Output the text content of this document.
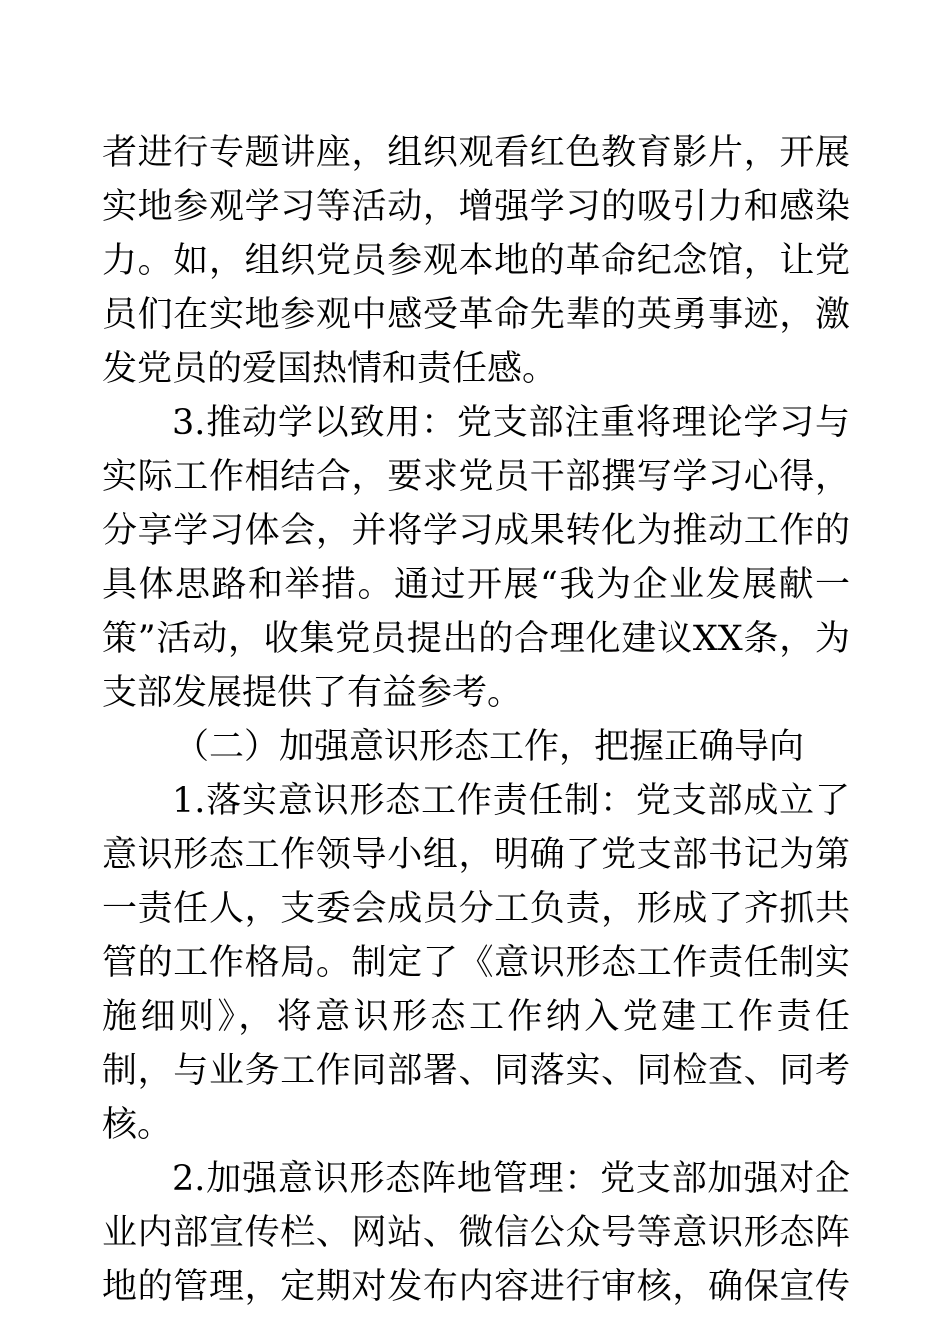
者进行专题讲座，组织观看红色教育影片，开展
实地参观学习等活动，增强学习的吸引力和感染
力。如，组织党员参观本地的革命纪念馆，让党
员们在实地参观中感受革命先辈的英勇事迹，激
发党员的爱国热情和责任感。
3.推动学以致用：党支部注重将理论学习与
实际工作相结合，要求党员干部撰写学习心得，
分享学习体会，并将学习成果转化为推动工作的
具体思路和举措。通过开展“我为企业发展献一
策”活动，收集党员提出的合理化建议XX条，为
支部发展提供了有益参考。
（二）加强意识形态工作，把握正确导向
1.落实意识形态工作责任制：党支部成立了
意识形态工作领导小组，明确了党支部书记为第
一责任人，支委会成员分工负责，形成了齐抓共
管的工作格局。制定了《意识形态工作责任制实
施细则》，将意识形态工作纳入党建工作责任
制，与业务工作同部署、同落实、同检查、同考
核。
2.加强意识形态阵地管理：党支部加强对企
业内部宣传栏、网站、微信公众号等意识形态阵
地的管理，定期对发布内容进行审核，确保宣传
